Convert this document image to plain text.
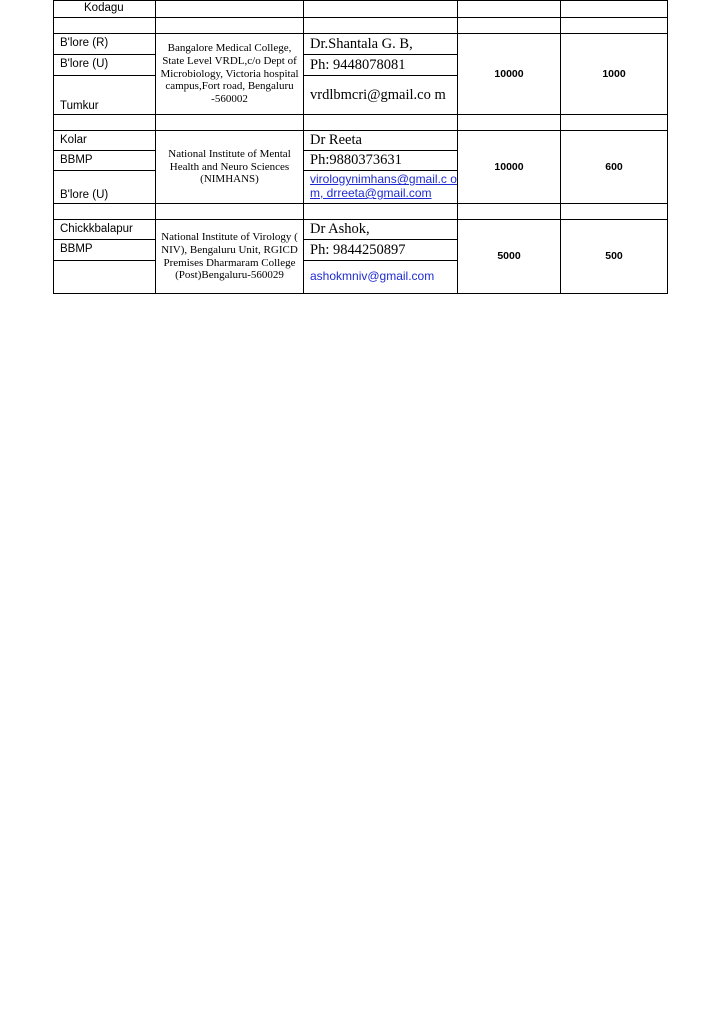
Kodagu				

B'lore (R)	Bangalore Medical College, State Level VRDL,c/o Dept of Microbiology, Victoria hospital campus,Fort road, Bengaluru -560002	Dr.Shantala G. B,	10000	1000
B'lore (U)		Ph: 9448078081		
Tumkur		vrdlbmcri@gmail.co m		

Kolar	National Institute of Mental Health and Neuro Sciences (NIMHANS)	Dr Reeta	10000	600
BBMP		Ph:9880373631		
B'lore (U)		virologynimhans@gmail.c om, drreeta@gmail.com		

Chickkbalapur	National Institute of Virology ( NIV), Bengaluru Unit, RGICD Premises Dharmaram College (Post)Bengaluru-560029	Dr Ashok,	5000	500
BBMP		Ph: 9844250897		
		ashokmniv@gmail.com		
